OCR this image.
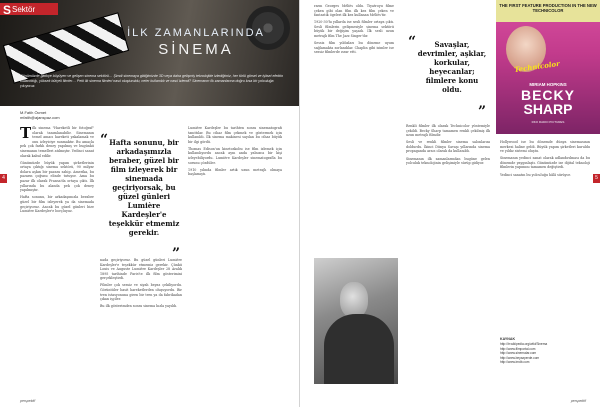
S Sektör
İLK ZAMANLARINDA
SİNEMA
Günümüzde gittikçe büyüyen ve gelişen sinema sektörü… Şimdi sinemaya gittiğimizde 3D veya daha gelişmiş teknolojide izlediğimiz, her türlü görsel ve işitsel efektin kullanıldığı, yüksek bütçeli filmler… Peki ilk sinema filmleri nasıl oluşturuldu, neler kullanıldı ve nasıl izlendi? Sinemanın ilk zamanlarına doğru kısa bir yolculuğa çıkıyoruz.
M.Fatih Öcmet
mfatih@ajanspaz.com

Tilk sinema "Hareketli bir fotoğraf" olarak tanımlanabilir. Sinemanın temel amacı hareketi yakalamak ve onu izleyiciye sunmaktır. Bu amaçla pek çok farklı deney yapılmış ve bugünkü sinemanın temelleri atılmıştır. Yedinci sanat olarak kabul edilir.

Günümüzde büyük yapım şirketlerinin ortaya çıktığı sinema sektörü, 90 milyar dolara aşkın bir pazara sahip. Amerika, bu pazarın çoğunu elinde tutuyor. Ama bu pazar ilk olarak Fransa'da ortaya çıktı. İlk yıllarında bu alanda pek çok deney yapılmıştır.

Hafta sonunu, bir arkadaşımızla beraber güzel bir film izleyerek ya da sinemada geçiriyoruz. Ancak bu güzel günleri bize Lumière Kardeşler'e borçluyuz.

“ Hafta sonunu, bir arkadaşımızla beraber, güzel bir film izleyerek bir sinemada geçiriyorsak, bu güzel günleri Lumière Kardeşler'e teşekkür etmemiz gerekir.
”

nada geçiriyoruz. Bu güzel günleri Lumière Kardeşler'e teşekkür etmemiz gerekir. Çünkü Louis ve Auguste Lumière Kardeşler 28 Aralık 1895 tarihinde Paris'te ilk film gösterimini gerçekleştirdi.

Filmler çok sessiz ve siyah beyaz çekiliyordu. Görüntüler basit hareketlerden oluşuyordu. Bir tren istasyonuna giren bir tren ya da fabrikadan çıkan işçiler.

Bu ilk gösterimden sonra sinema hızla yayıldı.

Lumière Kardeşler bu tarihten sonra sinematografı tanıttılar. Bu cihaz film çekmek ve göstermek için kullanıldı. İlk sinema makinesi sayılan bu cihaz büyük bir ilgi gördü.

Thomas Edison'un kinetoskobu ise film izlemek için kullanılıyordu ancak aynı anda yalnızca bir kişi izleyebiliyordu. Lumière Kardeşler sinematografla bu sorunu çözdüler.

1910 yılında filmler artık uzun metrajlı olmaya başlamıştı.

4
perspektif

rarın Georges Méliès oldu. Tiyatroyu filme çeken gibi olan film ilk kez film çeken ve fantastik ögeleri ilk kez kullanan Méliès'tir.

1920-30'lu yıllarda ise sesli filmler ortaya çıktı. Sesli filmlerin gelişmesiyle sinema sektörü büyük bir değişim yaşadı. İlk sesli uzun metrajlı film The Jazz Singer'dır.

Sessiz film yıldızları bu döneme uyum sağlamakta zorlandılar. Chaplin gibi isimler ise sessiz filmlerde ısrar etti.

“	Savaşlar, devrimler, aşklar, korkular, heyecanlar; filmlere konu oldu.
”

Renkli filmler ilk olarak Technicolor yöntemiyle çekildi. Becky Sharp tamamen renkli çekilmiş ilk uzun metrajlı filmdir.

Sesli ve renkli filmler sinema salonlarını doldurdu. İkinci Dünya Savaşı yıllarında sinema propaganda aracı olarak da kullanıldı.

Sinemanın ilk zamanlarından bugüne gelen yolculuk teknolojinin gelişimiyle sürüp gidiyor.

THE FIRST FEATURE PRODUCTION IN THE NEW TECHNICOLOR
Technicolor
MIRIAM HOPKINS
BECKY
SHARP
RKO RADIO PICTURES

Hollywood ise bu dönemde dünya sinemasının merkezi haline geldi. Büyük yapım şirketleri kuruldu ve yıldız sistemi oluştu.

Sinemanın yedinci sanat olarak adlandırılması da bu dönemde yaygınlaştı. Günümüzde ise dijital teknoloji filmlerin yapımını tamamen değiştirdi.

Yedinci sanatın bu yolculuğu hâlâ sürüyor.

KAYNAK
http://tr.wikipedia.org/wiki/Sinema
http://www.filmportal.com
http://www.sinemalar.com
http://www.beyazperde.com
http://www.imdb.com
5
perspektif
